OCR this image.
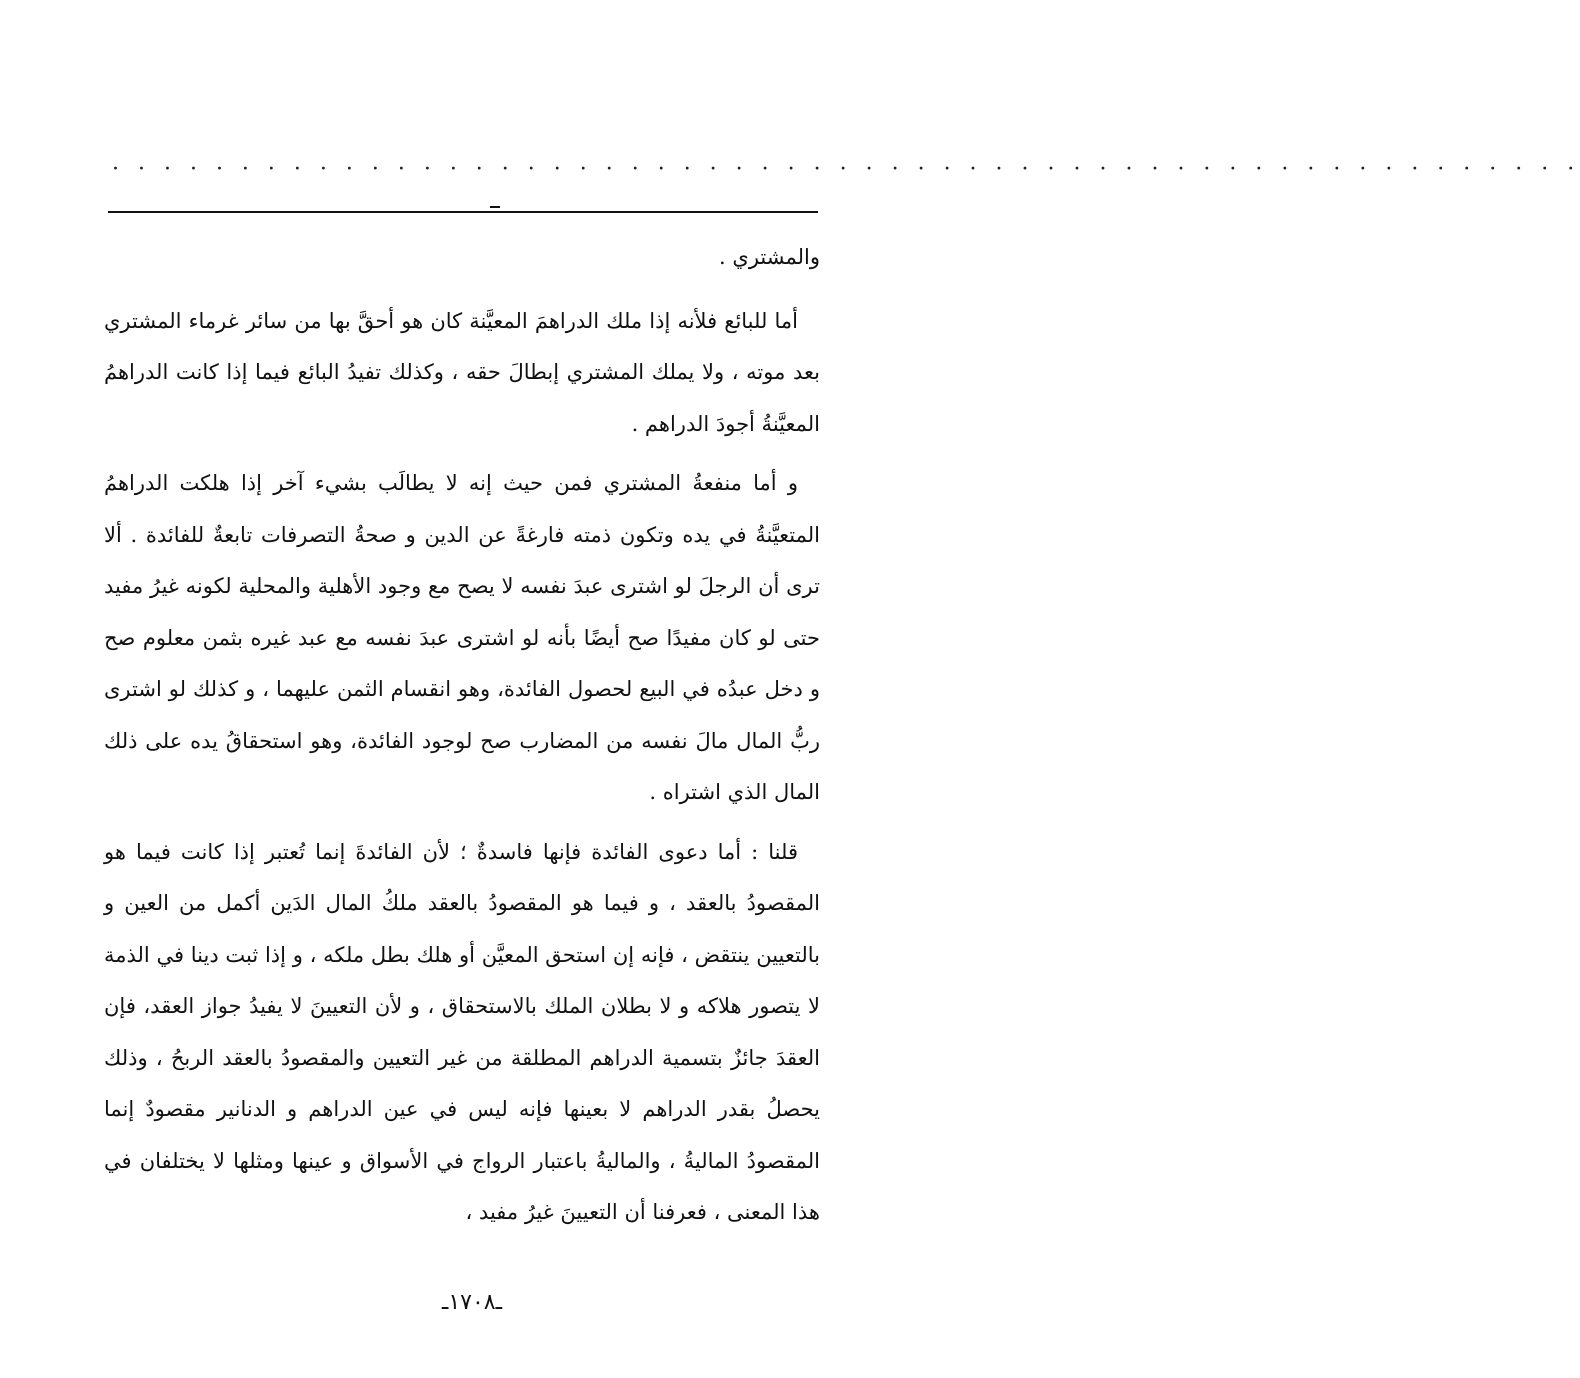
· · · · · · · · · · · · · · · · · · · · · · · · · · · · · · · · · · · · · · · · · · · · · · · · · · · · · · · · ·

والمشتري .

أما للبائع فلأنه إذا ملك الدراهمَ المعيَّنة كان هو أحقَّ بها من سائر غرماء المشتري بعد موته ، ولا يملك المشتري إبطالَ حقه ، وكذلك تفيدُ البائع فيما إذا كانت الدراهمُ المعيَّنةُ أجودَ الدراهم .

و أما منفعةُ المشتري فمن حيث إنه لا يطالَب بشيء آخر إذا هلكت الدراهمُ المتعيَّنةُ في يده وتكون ذمته فارغةً عن الدين و صحةُ التصرفات تابعةٌ للفائدة . ألا ترى أن الرجلَ لو اشترى عبدَ نفسه لا يصح مع وجود الأهلية والمحلية لكونه غيرُ مفيد حتى لو كان مفيدًا صح أيضًا بأنه لو اشترى عبدَ نفسه مع عبد غيره بثمن معلوم صح و دخل عبدُه في البيع لحصول الفائدة، وهو انقسام الثمن عليهما ، و كذلك لو اشترى ربُّ المال مالَ نفسه من المضارب صح لوجود الفائدة، وهو استحقاقُ يده على ذلك المال الذي اشتراه .

قلنا : أما دعوى الفائدة فإنها فاسدةٌ ؛ لأن الفائدةَ إنما تُعتبر إذا كانت فيما هو المقصودُ بالعقد ، و فيما هو المقصودُ بالعقد ملكُ المال الدَين أكمل من العين و بالتعيين ينتقض ، فإنه إن استحق المعيَّن أو هلك بطل ملكه ، و إذا ثبت دينا في الذمة لا يتصور هلاكه و لا بطلان الملك بالاستحقاق ، و لأن التعيينَ لا يفيدُ جواز العقد، فإن العقدَ جائزٌ بتسمية الدراهم المطلقة من غير التعيين والمقصودُ بالعقد الربحُ ، وذلك يحصلُ بقدر الدراهم لا بعينها فإنه ليس في عين الدراهم و الدنانير مقصودٌ إنما المقصودُ الماليةُ ، والماليةُ باعتبار الرواج في الأسواق و عينها ومثلها لا يختلفان في هذا المعنى ، فعرفنا أن التعيينَ غيرُ مفيد ،

ـ١٧٠٨ـ
